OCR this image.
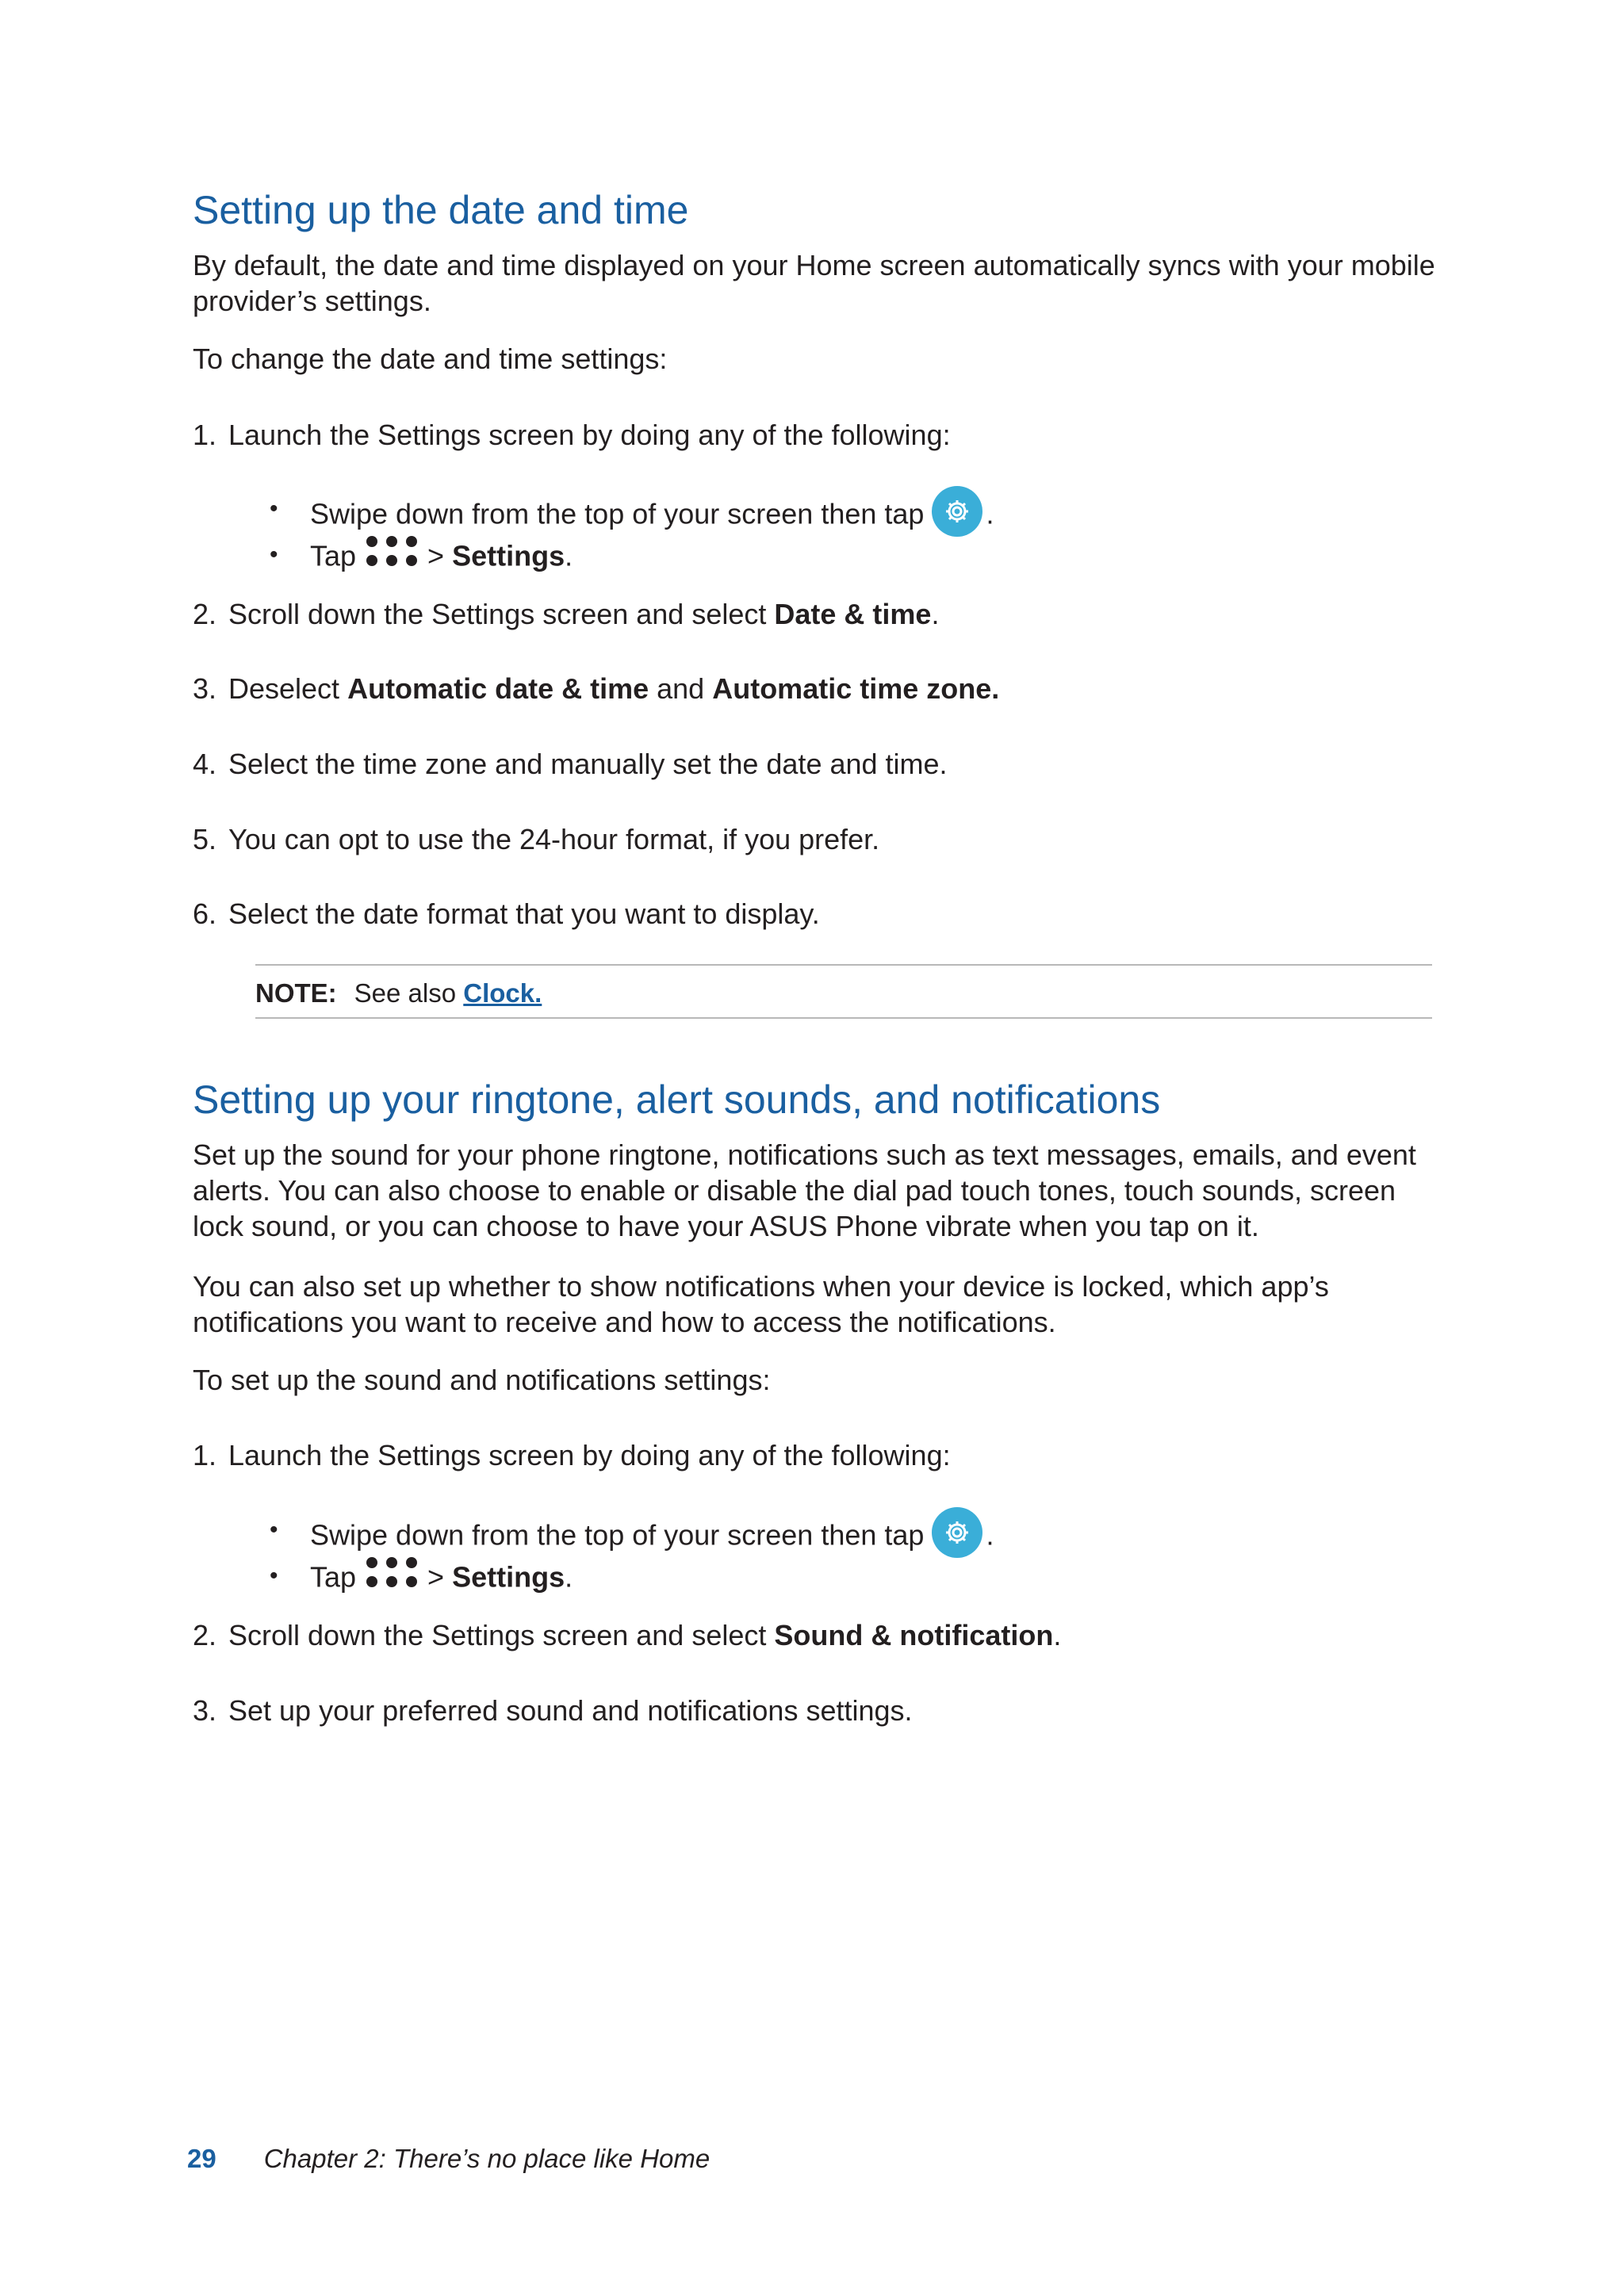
Setting up the date and time

By default, the date and time displayed on your Home screen automatically syncs with your mobile provider’s settings.

To change the date and time settings:

1. Launch the Settings screen by doing any of the following:

• Swipe down from the top of your screen then tap .

• Tap	> Settings.

2. Scroll down the Settings screen and select Date & time.

3. Deselect Automatic date & time and Automatic time zone.

4. Select the time zone and manually set the date and time.

5. You can opt to use the 24-hour format, if you prefer.

6. Select the date format that you want to display.

NOTE: See also Clock.
Setting up your ringtone, alert sounds, and notifications

Set up the sound for your phone ringtone, notifications such as text messages, emails, and event alerts. You can also choose to enable or disable the dial pad touch tones, touch sounds, screen lock sound, or you can choose to have your ASUS Phone vibrate when you tap on it.

You can also set up whether to show notifications when your device is locked, which app’s notifications you want to receive and how to access the notifications.

To set up the sound and notifications settings:

1. Launch the Settings screen by doing any of the following:

• Swipe down from the top of your screen then tap .

• Tap	> Settings.

2. Scroll down the Settings screen and select Sound & notification.

3. Set up your preferred sound and notifications settings.

29 Chapter 2: There’s no place like Home
